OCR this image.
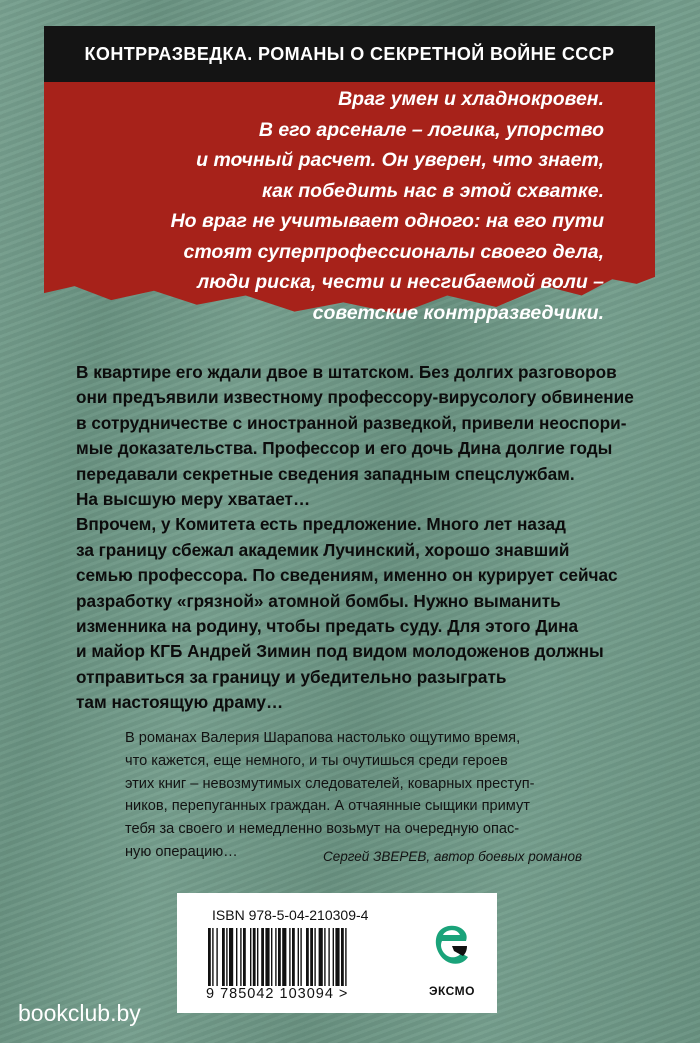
КОНТРРАЗВЕДКА. РОМАНЫ О СЕКРЕТНОЙ ВОЙНЕ СССР
Враг умен и хладнокровен.
В его арсенале – логика, упорство
и точный расчет. Он уверен, что знает,
как победить нас в этой схватке.
Но враг не учитывает одного: на его пути
стоят суперпрофессионалы своего дела,
люди риска, чести и несгибаемой воли –
советские контрразведчики.
В квартире его ждали двое в штатском. Без долгих разговоров
они предъявили известному профессору-вирусологу обвинение
в сотрудничестве с иностранной разведкой, привели неоспори-
мые доказательства. Профессор и его дочь Дина долгие годы
передавали секретные сведения западным спецслужбам.
На высшую меру хватает…
Впрочем, у Комитета есть предложение. Много лет назад
за границу сбежал академик Лучинский, хорошо знавший
семью профессора. По сведениям, именно он курирует сейчас
разработку «грязной» атомной бомбы. Нужно выманить
изменника на родину, чтобы предать суду. Для этого Дина
и майор КГБ Андрей Зимин под видом молодоженов должны
отправиться за границу и убедительно разыграть
там настоящую драму…
В романах Валерия Шарапова настолько ощутимо время,
что кажется, еще немного, и ты очутишься среди героев
этих книг – невозмутимых следователей, коварных преступ-
ников, перепуганных граждан. А отчаянные сыщики примут
тебя за своего и немедленно возьмут на очередную опас-
ную операцию…	Сергей ЗВЕРЕВ, автор боевых романов
ISBN 978-5-04-210309-4
9 785042 103094 >	ЭКСМО
bookclub.by
